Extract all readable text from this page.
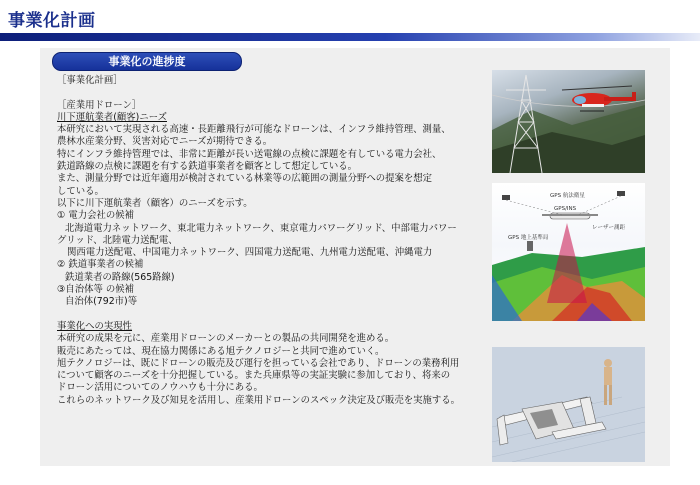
事業化計画
事業化の進捗度
［事業化計画］
［産業用ドローン］
川下運航業者(顧客)ニーズ
本研究において実現される高速・長距離飛行が可能なドローンは、インフラ維持管理、測量、
農林水産業分野、災害対応でニーズが期待できる。
特にインフラ維持管理では、非常に距離が長い送電線の点検に課題を有している電力会社、
鉄道路線の点検に課題を有する鉄道事業者を顧客として想定している。
また、測量分野では近年適用が検討されている林業等の広範囲の測量分野への提案を想定
している。
以下に川下運航業者（顧客）のニーズを示す。
① 電力会社の候補
北海道電力ネットワーク、東北電力ネットワーク、東京電力パワーグリッド、中部電力パワー
グリッド、北陸電力送配電、
関西電力送配電、中国電力ネットワーク、四国電力送配電、九州電力送配電、沖縄電力
② 鉄道事業者の候補
鉄道業者の路線(565路線)
③自治体等 の候補
自治体(792市)等
事業化への実現性
本研究の成果を元に、産業用ドローンのメーカーとの製品の共同開発を進める。
販売にあたっては、現在協力関係にある旭テクノロジーと共同で進めていく。
旭テクノロジーは、既にドローンの販売及び運行を担っている会社であり、ドローンの業務利用
について顧客のニーズを十分把握している。また兵庫県等の実証実験に参加しており、将来の
ドローン活用についてのノウハウも十分にある。
これらのネットワーク及び知見を活用し、産業用ドローンのスペック決定及び販売を実施する。
GPS 航法衛星
GPS/INS
レーザー測距
GPS 地上基準局
